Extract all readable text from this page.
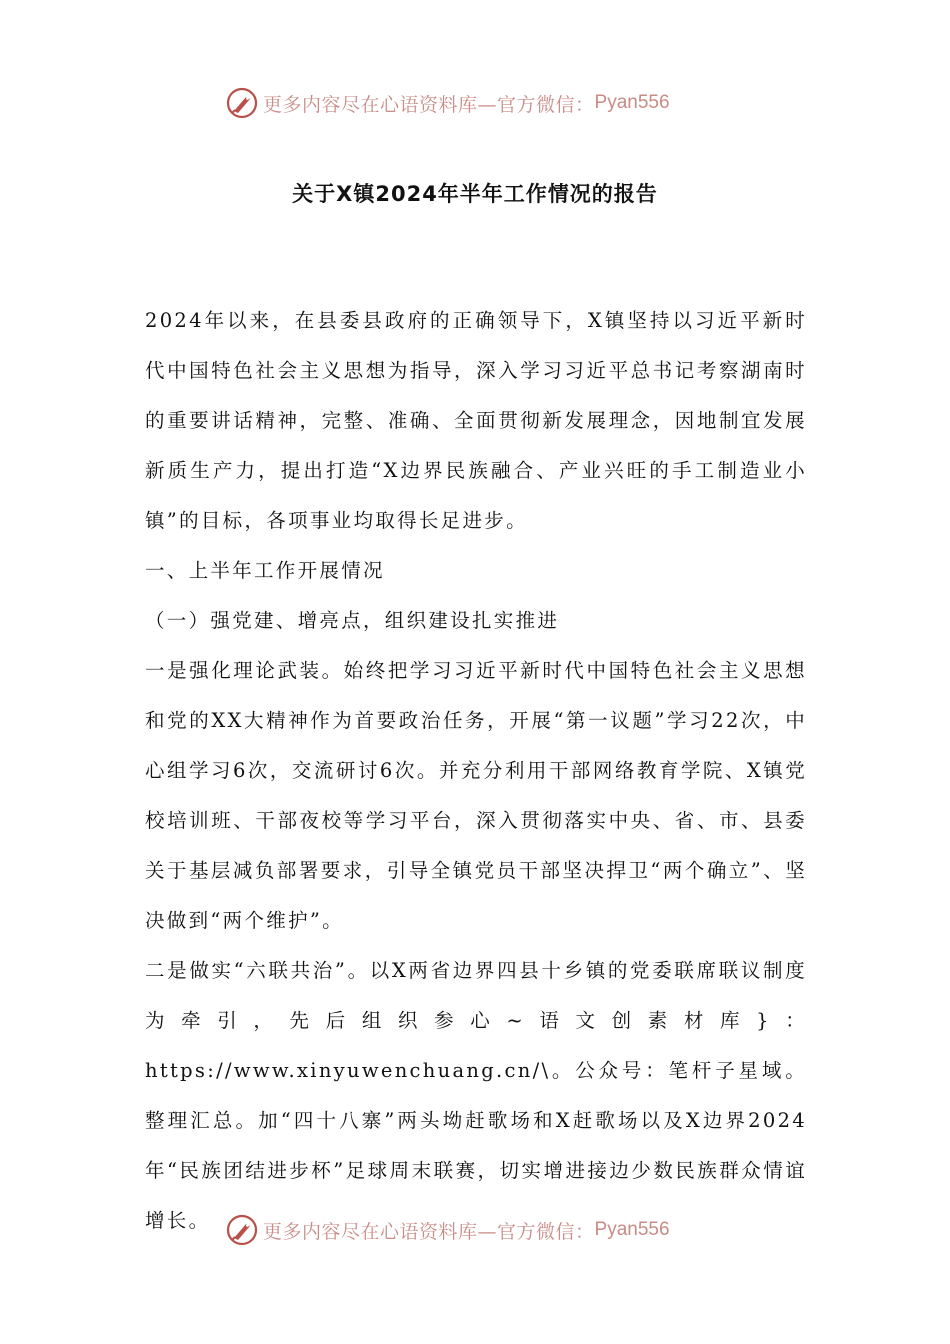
更多内容尽在心语资料库—官方微信： Pyan556
关于X镇2024年半年工作情况的报告

2024年以来，在县委县政府的正确领导下，X镇坚持以习近平新时代中国特色社会主义思想为指导，深入学习习近平总书记考察湖南时的重要讲话精神，完整、准确、全面贯彻新发展理念，因地制宜发展新质生产力，提出打造“X边界民族融合、产业兴旺的手工制造业小镇”的目标，各项事业均取得长足进步。

一、上半年工作开展情况

（一）强党建、增亮点，组织建设扎实推进

一是强化理论武装。始终把学习习近平新时代中国特色社会主义思想和党的XX大精神作为首要政治任务，开展“第一议题”学习22次，中心组学习6次，交流研讨6次。并充分利用干部网络教育学院、X镇党校培训班、干部夜校等学习平台，深入贯彻落实中央、省、市、县委关于基层减负部署要求，引导全镇党员干部坚决捍卫“两个确立”、坚决做到“两个维护”。

二是做实“六联共治”。以X两省边界四县十乡镇的党委联席联议制度为牵引，先后组织参心~语文创素材库}：https://www.xinyuwenchuang.cn/\。公众号：笔杆子星域。整理汇总。加“四十八寨”两头坳赶歌场和X赶歌场以及X边界2024年“民族团结进步杯”足球周末联赛，切实增进接边少数民族群众情谊增长。	更多内容尽在心语资料库—官方微信： Pyan556
